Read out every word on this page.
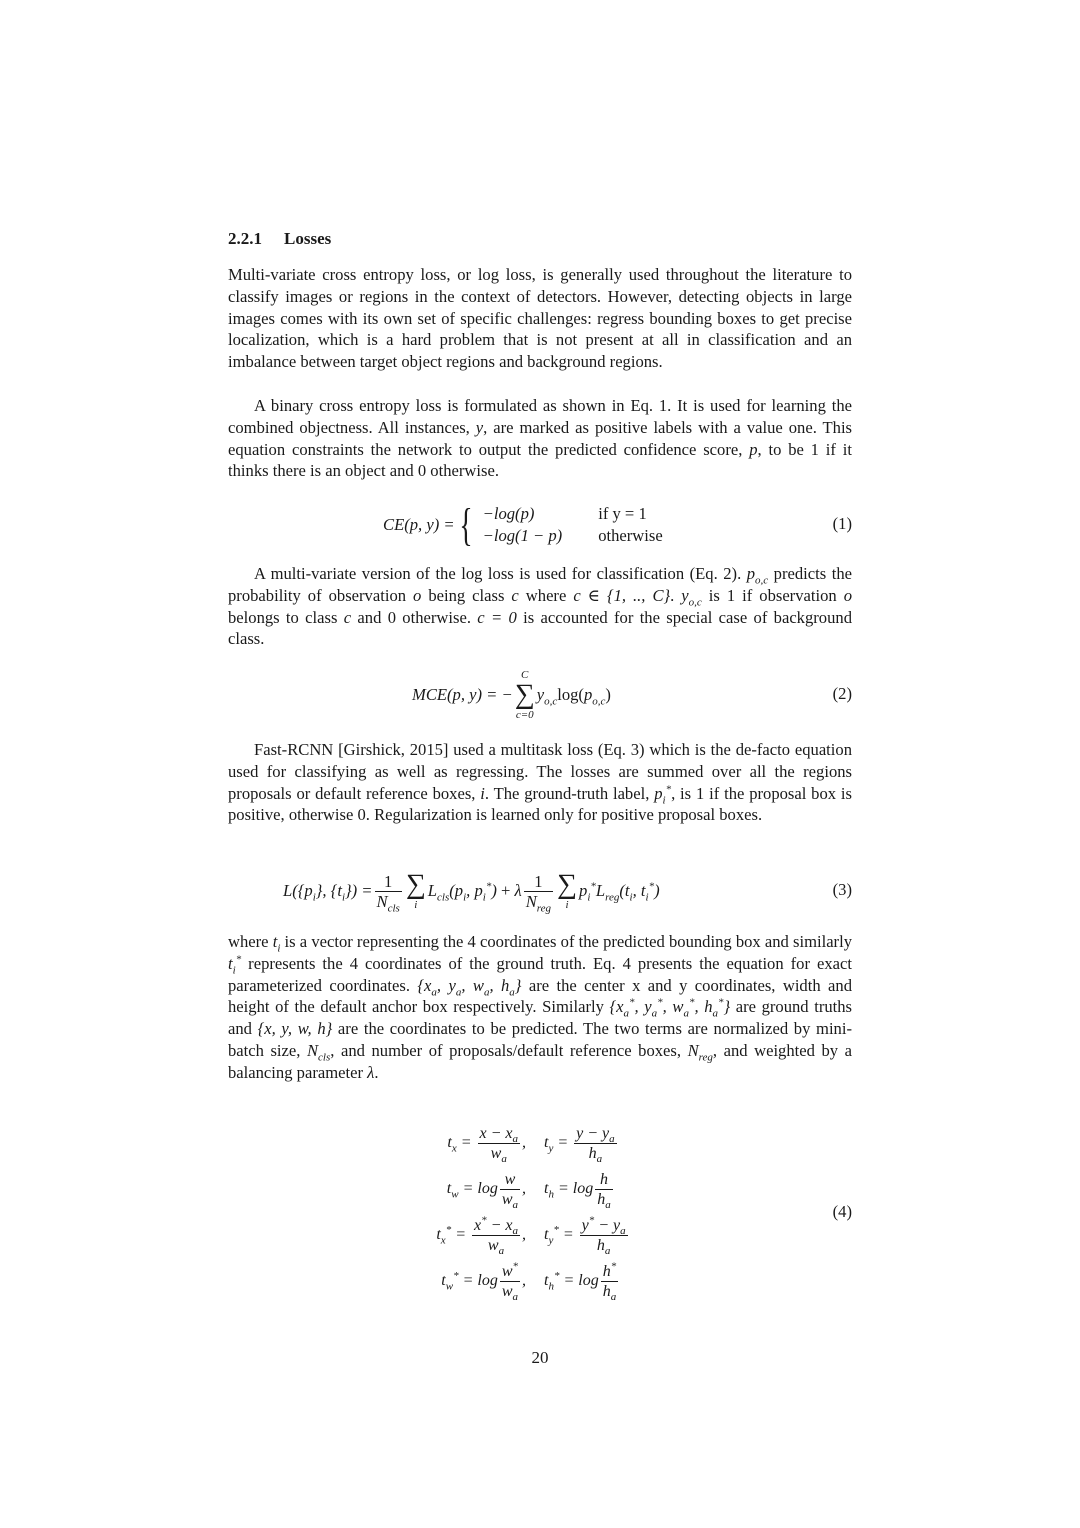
2.2.1 Losses

Multi-variate cross entropy loss, or log loss, is generally used throughout the literature to classify images or regions in the context of detectors. However, detecting objects in large images comes with its own set of specific challenges: regress bounding boxes to get precise localization, which is a hard problem that is not present at all in classification and an imbalance between target object regions and background regions.

A binary cross entropy loss is formulated as shown in Eq. 1. It is used for learning the combined objectness. All instances, y, are marked as positive labels with a value one. This equation constraints the network to output the predicted confidence score, p, to be 1 if it thinks there is an object and 0 otherwise.

CE(p, y) = { −log(p)	if y = 1
−log(1 − p)	otherwise
(1)

A multi-variate version of the log loss is used for classification (Eq. 2). $p_{o,c}$ predicts the probability of observation o being class c where c ∈ {1, .., C}. $y_{o,c}$ is 1 if observation o belongs to class c and 0 otherwise. c = 0 is accounted for the special case of background class.

MCE(p, y) = −
C
∑
c=0
$y_{o,c}\log(p_{o,c})$	(2)

Fast-RCNN [Girshick, 2015] used a multitask loss (Eq. 3) which is the de-facto equation used for classifying as well as regressing. The losses are summed over all the regions proposals or default reference boxes, i. The ground-truth label, $p_i^*$, is 1 if the proposal box is positive, otherwise 0. Regularization is learned only for positive proposal boxes.

$L(\{p_i\}$, $\{t_i\}) = \frac{1}{N_{cls}}$ ∑
i
$L_{cls}(p_i$, $p_i^*) + \lambda \frac{1}{N_{reg}}$ ∑
i
$p_i^*L_{reg}(t_i$, $t_i^*$)	(3)

where $t_i$ is a vector representing the 4 coordinates of the predicted bounding box and similarly $t_i^*$ represents the 4 coordinates of the ground truth. Eq. 4 presents the equation for exact parameterized coordinates. {$x_a$, $y_a$, $w_a$, $h_a$} are the center x and y coordinates, width and height of the default anchor box respectively. Similarly {$x_a^*$, $y_a^*$, $w_a^*$, $h_a^*$} are ground truths and {x, y, w, h} are the coordinates to be predicted. The two terms are normalized by mini-batch size, $N_{cls}$, and number of proposals/default reference boxes, $N_{reg}$, and weighted by a balancing parameter λ.

$t_x = \frac{x - x_a}{w_a}$ ,	$t_y = \frac{y - y_a}{h_a}$
$t_w = \log \frac{w}{w_a}$ ,	$t_h = \log \frac{h}{h_a}$
$t_x^* = \frac{x^* - x_a}{w_a}$ ,	$t_y^* = \frac{y^* - y_a}{h_a}$
$t_w^* = \log \frac{w^*}{w_a}$ ,	$t_h^* = \log \frac{h^*}{h_a}$
(4)
20
